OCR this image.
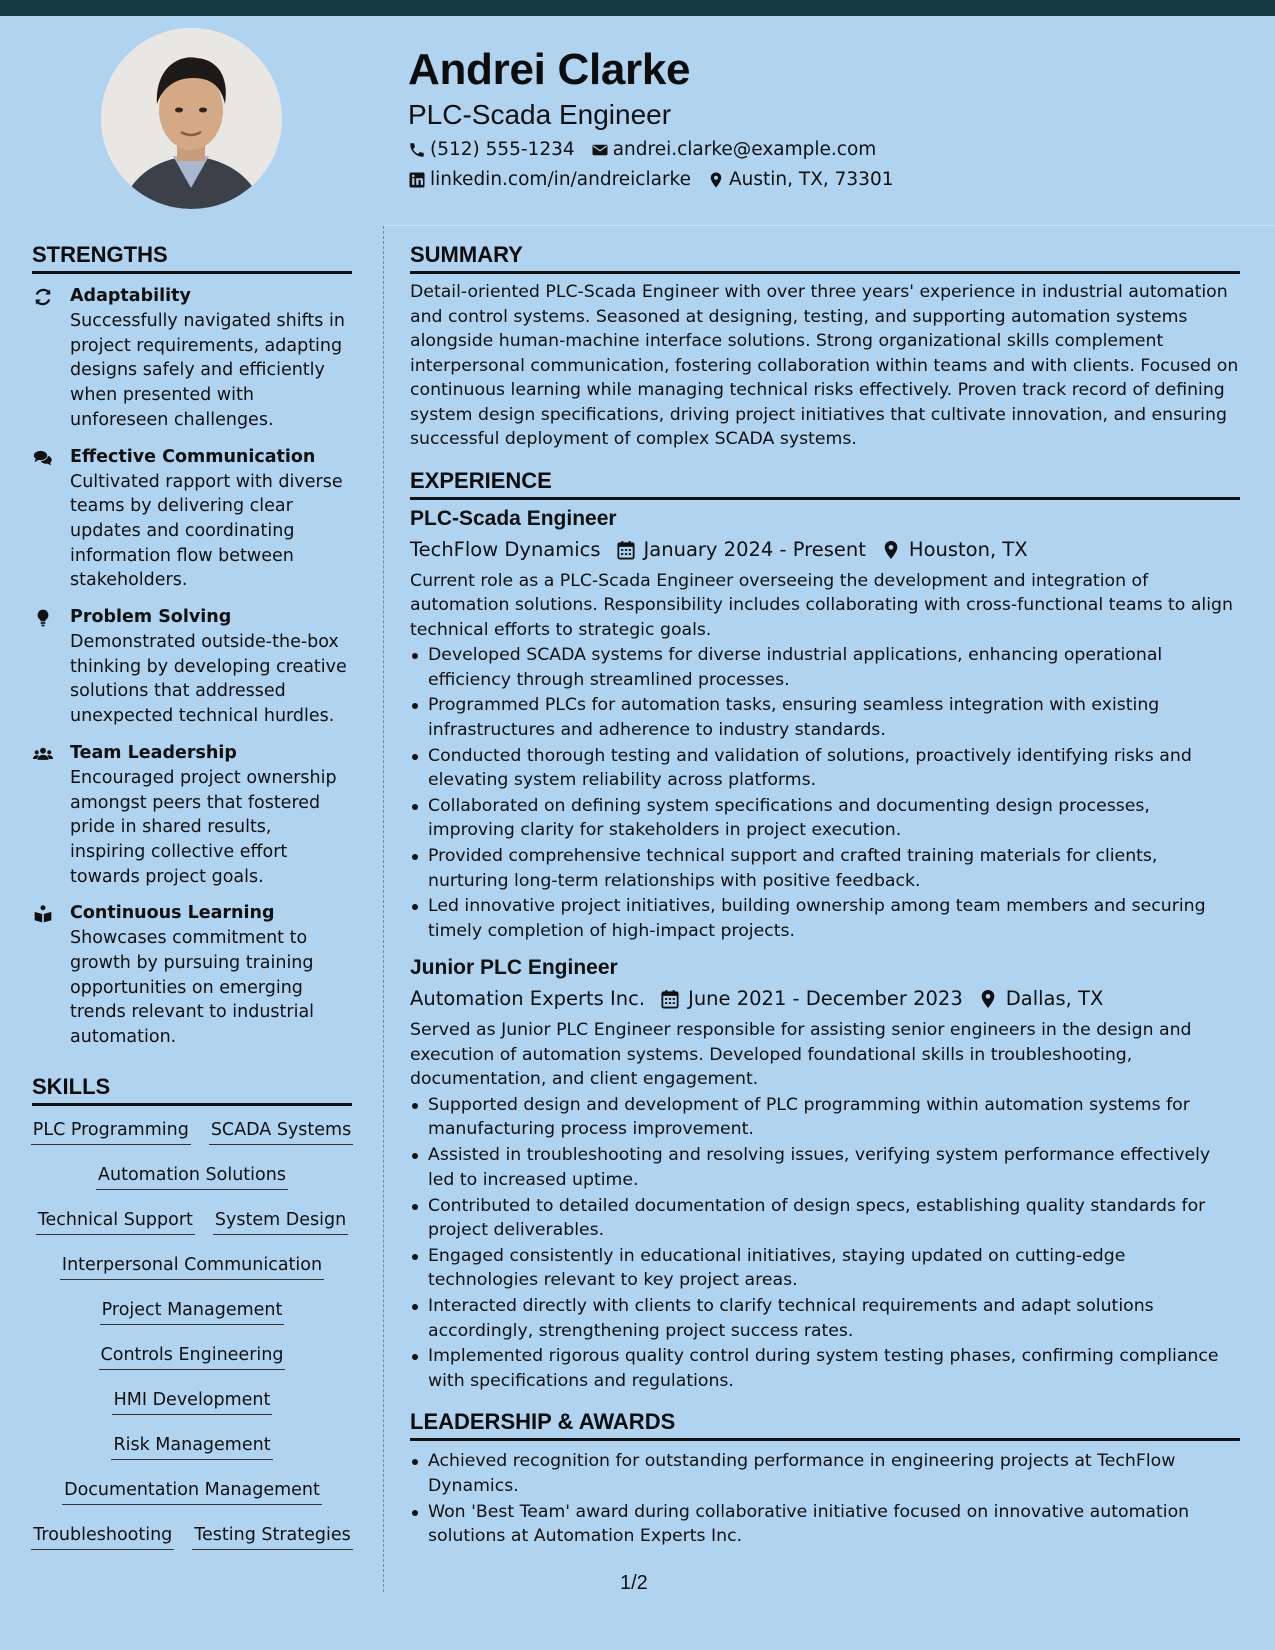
Andrei Clarke
PLC-Scada Engineer
(512) 555-1234 andrei.clarke@example.com
linkedin.com/in/andreiclarke Austin, TX, 73301
STRENGTHS
Adaptability
Successfully navigated shifts in project requirements, adapting designs safely and efficiently when presented with unforeseen challenges.
Effective Communication
Cultivated rapport with diverse teams by delivering clear updates and coordinating information flow between stakeholders.
Problem Solving
Demonstrated outside-the-box thinking by developing creative solutions that addressed unexpected technical hurdles.
Team Leadership
Encouraged project ownership amongst peers that fostered pride in shared results, inspiring collective effort towards project goals.
Continuous Learning
Showcases commitment to growth by pursuing training opportunities on emerging trends relevant to industrial automation.
SKILLS
PLC Programming SCADA Systems
Automation Solutions
Technical Support System Design
Interpersonal Communication
Project Management
Controls Engineering
HMI Development
Risk Management
Documentation Management
Troubleshooting Testing Strategies
SUMMARY
Detail-oriented PLC-Scada Engineer with over three years' experience in industrial automation and control systems. Seasoned at designing, testing, and supporting automation systems alongside human-machine interface solutions. Strong organizational skills complement interpersonal communication, fostering collaboration within teams and with clients. Focused on continuous learning while managing technical risks effectively. Proven track record of defining system design specifications, driving project initiatives that cultivate innovation, and ensuring successful deployment of complex SCADA systems.
EXPERIENCE
PLC-Scada Engineer
TechFlow Dynamics January 2024 - Present Houston, TX
Current role as a PLC-Scada Engineer overseeing the development and integration of automation solutions. Responsibility includes collaborating with cross-functional teams to align technical efforts to strategic goals.
Developed SCADA systems for diverse industrial applications, enhancing operational efficiency through streamlined processes.
Programmed PLCs for automation tasks, ensuring seamless integration with existing infrastructures and adherence to industry standards.
Conducted thorough testing and validation of solutions, proactively identifying risks and elevating system reliability across platforms.
Collaborated on defining system specifications and documenting design processes, improving clarity for stakeholders in project execution.
Provided comprehensive technical support and crafted training materials for clients, nurturing long-term relationships with positive feedback.
Led innovative project initiatives, building ownership among team members and securing timely completion of high-impact projects.
Junior PLC Engineer
Automation Experts Inc. June 2021 - December 2023 Dallas, TX
Served as Junior PLC Engineer responsible for assisting senior engineers in the design and execution of automation systems. Developed foundational skills in troubleshooting, documentation, and client engagement.
Supported design and development of PLC programming within automation systems for manufacturing process improvement.
Assisted in troubleshooting and resolving issues, verifying system performance effectively led to increased uptime.
Contributed to detailed documentation of design specs, establishing quality standards for project deliverables.
Engaged consistently in educational initiatives, staying updated on cutting-edge technologies relevant to key project areas.
Interacted directly with clients to clarify technical requirements and adapt solutions accordingly, strengthening project success rates.
Implemented rigorous quality control during system testing phases, confirming compliance with specifications and regulations.
LEADERSHIP & AWARDS
Achieved recognition for outstanding performance in engineering projects at TechFlow Dynamics.
Won 'Best Team' award during collaborative initiative focused on innovative automation solutions at Automation Experts Inc.
1/2
